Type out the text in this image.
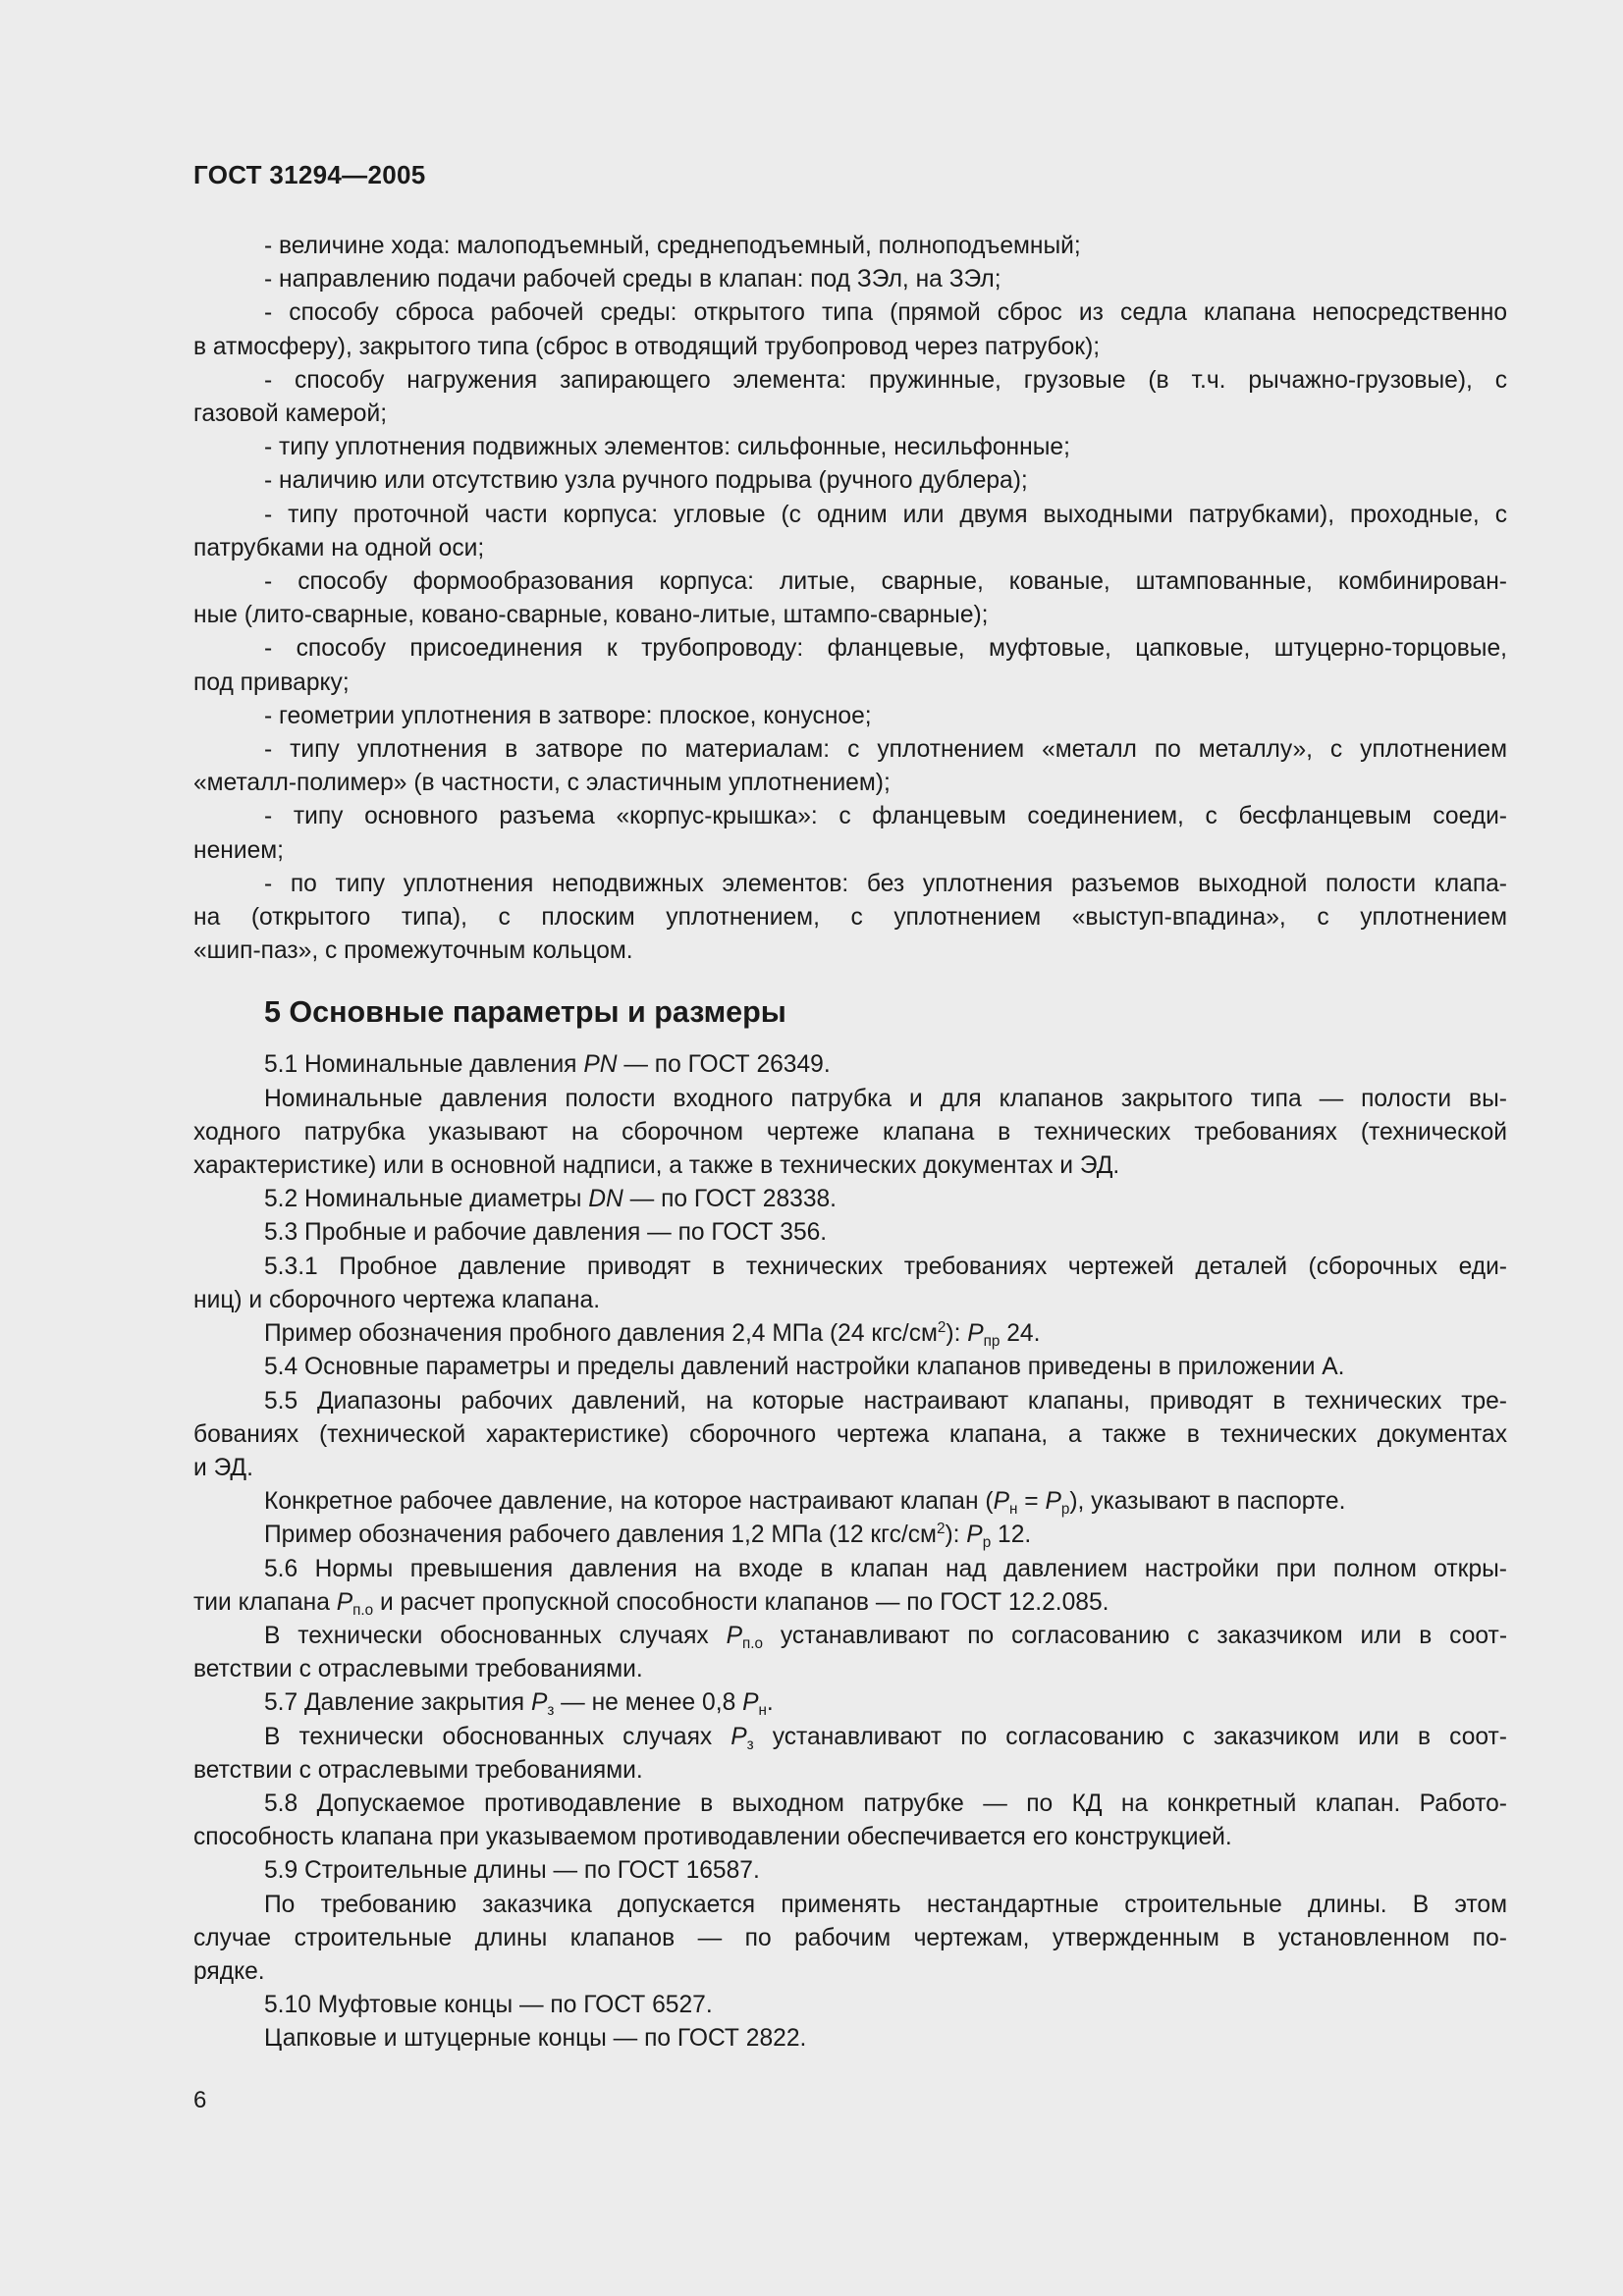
ГОСТ 31294—2005
- величине хода: малоподъемный, среднеподъемный, полноподъемный;
- направлению подачи рабочей среды в клапан: под ЗЭл, на ЗЭл;
- способу сброса рабочей среды: открытого типа (прямой сброс из седла клапана непосредственно
в атмосферу), закрытого типа (сброс в отводящий трубопровод через патрубок);
- способу нагружения запирающего элемента: пружинные, грузовые (в т.ч. рычажно-грузовые), с
газовой камерой;
- типу уплотнения подвижных элементов: сильфонные, несильфонные;
- наличию или отсутствию узла ручного подрыва (ручного дублера);
- типу проточной части корпуса: угловые (с одним или двумя выходными патрубками), проходные, с
патрубками на одной оси;
- способу формообразования корпуса: литые, сварные, кованые, штампованные, комбинирован-
ные (лито-сварные, ковано-сварные, ковано-литые, штампо-сварные);
- способу присоединения к трубопроводу: фланцевые, муфтовые, цапковые, штуцерно-торцовые,
под приварку;
- геометрии уплотнения в затворе: плоское, конусное;
- типу уплотнения в затворе по материалам: с уплотнением «металл по металлу», с уплотнением
«металл-полимер» (в частности, с эластичным уплотнением);
- типу основного разъема «корпус-крышка»: с фланцевым соединением, с бесфланцевым соеди-
нением;
- по типу уплотнения неподвижных элементов: без уплотнения разъемов выходной полости клапа-
на (открытого типа), с плоским уплотнением, с уплотнением «выступ-впадина», с уплотнением
«шип-паз», с промежуточным кольцом.
5 Основные параметры и размеры
5.1 Номинальные давления PN — по ГОСТ 26349.
Номинальные давления полости входного патрубка и для клапанов закрытого типа — полости вы-
ходного патрубка указывают на сборочном чертеже клапана в технических требованиях (технической
характеристике) или в основной надписи, а также в технических документах и ЭД.
5.2 Номинальные диаметры DN — по ГОСТ 28338.
5.3 Пробные и рабочие давления — по ГОСТ 356.
5.3.1 Пробное давление приводят в технических требованиях чертежей деталей (сборочных еди-
ниц) и сборочного чертежа клапана.
Пример обозначения пробного давления 2,4 МПа (24 кгс/$см^2$): $P_{пр}$ 24.
5.4 Основные параметры и пределы давлений настройки клапанов приведены в приложении А.
5.5 Диапазоны рабочих давлений, на которые настраивают клапаны, приводят в технических тре-
бованиях (технической характеристике) сборочного чертежа клапана, а также в технических документах
и ЭД.
Конкретное рабочее давление, на которое настраивают клапан $(P_н = P_р)$, указывают в паспорте.
Пример обозначения рабочего давления 1,2 МПа (12 кгс/$см^2$): $P_р$ 12.
5.6 Нормы превышения давления на входе в клапан над давлением настройки при полном откры-
тии клапана $P_{п.о}$ и расчет пропускной способности клапанов — по ГОСТ 12.2.085.
В технически обоснованных случаях $P_{п.о}$ устанавливают по согласованию с заказчиком или в соот-
ветствии с отраслевыми требованиями.
5.7 Давление закрытия $P_з$ — не менее 0,8 $P_н$.
В технически обоснованных случаях $P_з$ устанавливают по согласованию с заказчиком или в соот-
ветствии с отраслевыми требованиями.
5.8 Допускаемое противодавление в выходном патрубке — по КД на конкретный клапан. Работо-
способность клапана при указываемом противодавлении обеспечивается его конструкцией.
5.9 Строительные длины — по ГОСТ 16587.
По требованию заказчика допускается применять нестандартные строительные длины. В этом
случае строительные длины клапанов — по рабочим чертежам, утвержденным в установленном по-
рядке.
5.10 Муфтовые концы — по ГОСТ 6527.
Цапковые и штуцерные концы — по ГОСТ 2822.
6
